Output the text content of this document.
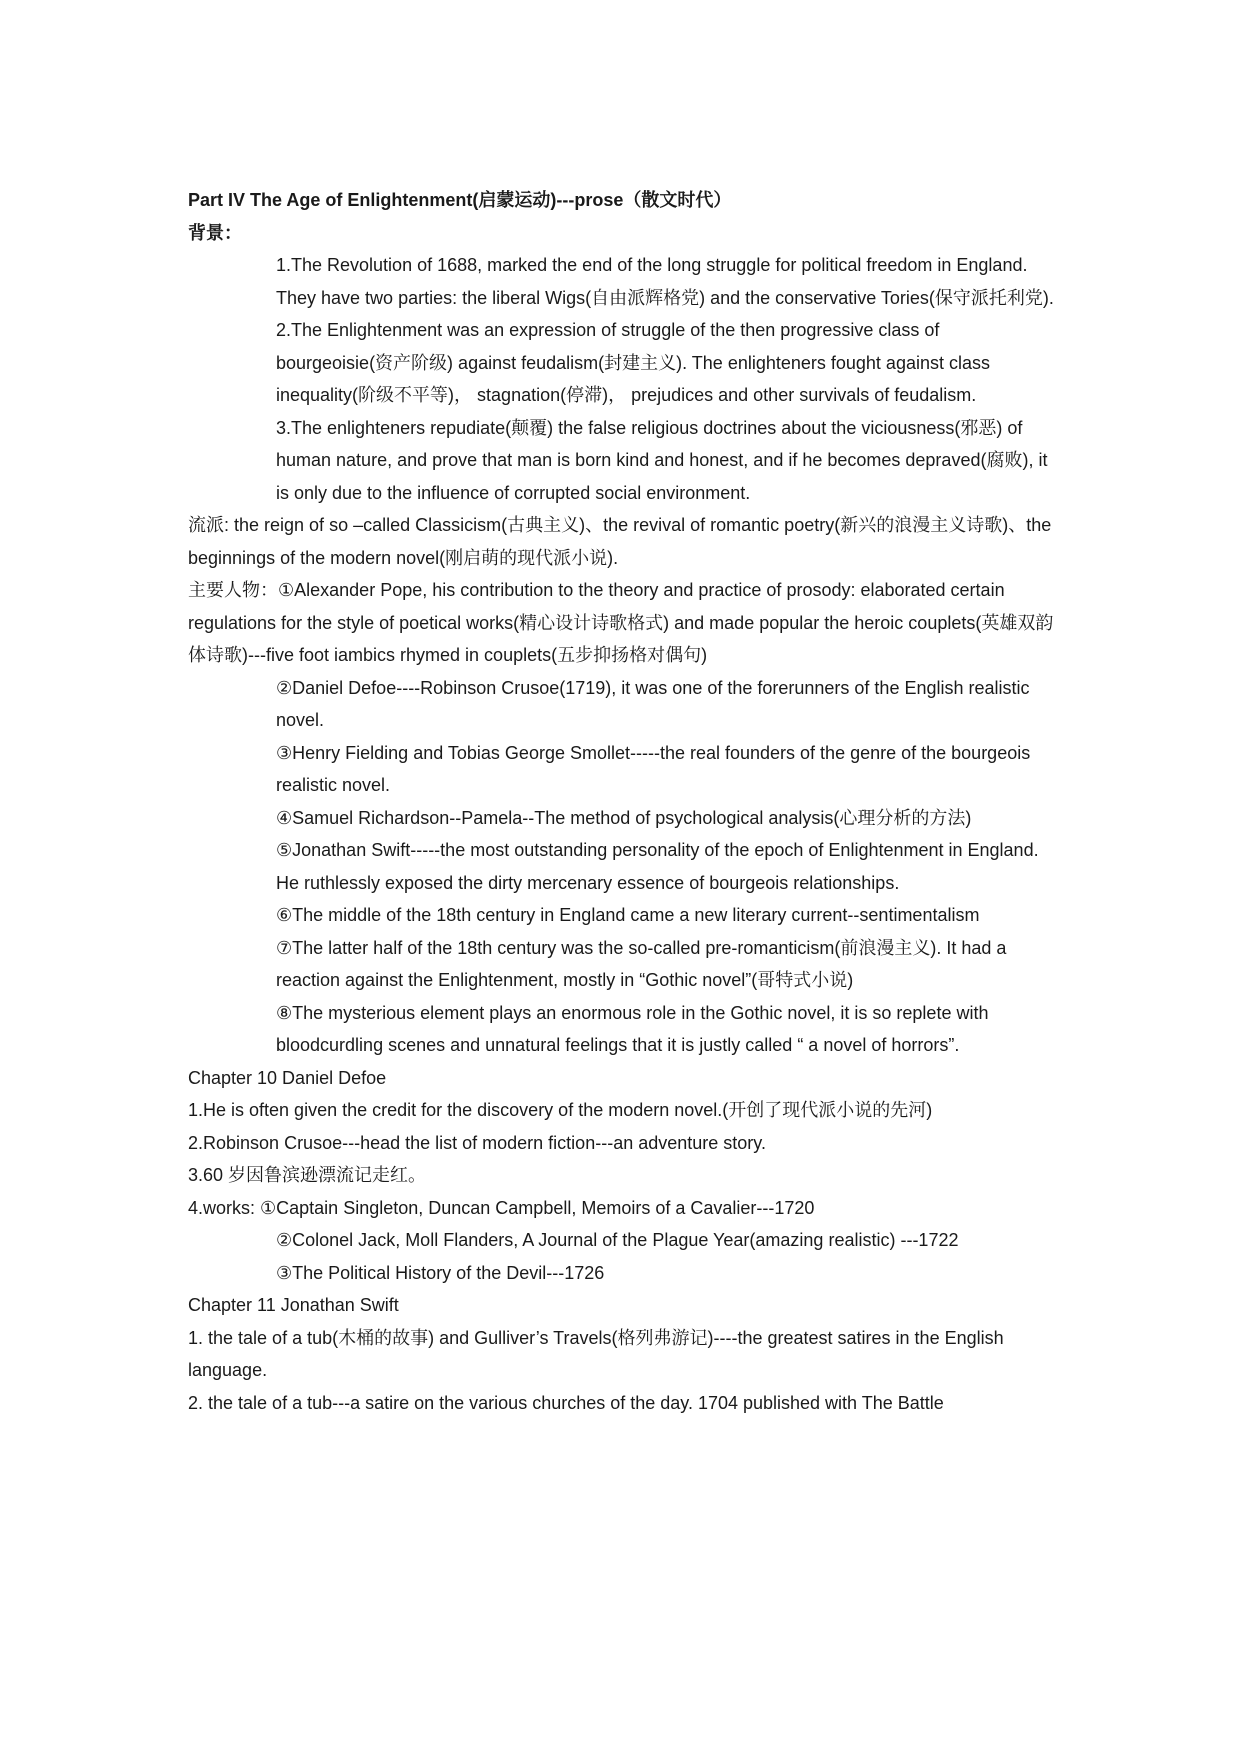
Part IV The Age of Enlightenment(启蒙运动)---prose（散文时代）

背景：

1.The Revolution of 1688, marked the end of the long struggle for political freedom in England. They have two parties: the liberal Wigs(自由派辉格党) and the conservative Tories(保守派托利党).

2.The Enlightenment was an expression of struggle of the then progressive class of bourgeoisie(资产阶级) against feudalism(封建主义). The enlighteners fought against class inequality(阶级不平等)， stagnation(停滞)， prejudices and other survivals of feudalism.

3.The enlighteners repudiate(颠覆) the false religious doctrines about the viciousness(邪恶) of human nature, and prove that man is born kind and honest, and if he becomes depraved(腐败), it is only due to the influence of corrupted social environment.

流派: the reign of so –called Classicism(古典主义)、the revival of romantic poetry(新兴的浪漫主义诗歌)、the beginnings of the modern novel(刚启萌的现代派小说).

主要人物：①Alexander Pope, his contribution to the theory and practice of prosody: elaborated certain regulations for the style of poetical works(精心设计诗歌格式) and made popular the heroic couplets(英雄双韵体诗歌)---five foot iambics rhymed in couplets(五步抑扬格对偶句)

②Daniel Defoe----Robinson Crusoe(1719), it was one of the forerunners of the English realistic novel.

③Henry Fielding and Tobias George Smollet-----the real founders of the genre of the bourgeois realistic novel.

④Samuel Richardson--Pamela--The method of psychological analysis(心理分析的方法)

⑤Jonathan Swift-----the most outstanding personality of the epoch of Enlightenment in England. He ruthlessly exposed the dirty mercenary essence of bourgeois relationships.

⑥The middle of the 18th century in England came a new literary current--sentimentalism

⑦The latter half of the 18th century was the so-called pre-romanticism(前浪漫主义). It had a reaction against the Enlightenment, mostly in “Gothic novel”(哥特式小说)

⑧The mysterious element plays an enormous role in the Gothic novel, it is so replete with bloodcurdling scenes and unnatural feelings that it is justly called “ a novel of horrors”.

Chapter 10 Daniel Defoe

1.He is often given the credit for the discovery of the modern novel.(开创了现代派小说的先河)

2.Robinson Crusoe---head the list of modern fiction---an adventure story.

3.60 岁因鲁滨逊漂流记走红。

4.works: ①Captain Singleton, Duncan Campbell, Memoirs of a Cavalier---1720

②Colonel Jack, Moll Flanders, A Journal of the Plague Year(amazing realistic) ---1722

③The Political History of the Devil---1726

Chapter 11 Jonathan Swift

1. the tale of a tub(木桶的故事) and Gulliver’s Travels(格列弗游记)----the greatest satires in the English language.

2. the tale of a tub---a satire on the various churches of the day. 1704 published with The Battle
